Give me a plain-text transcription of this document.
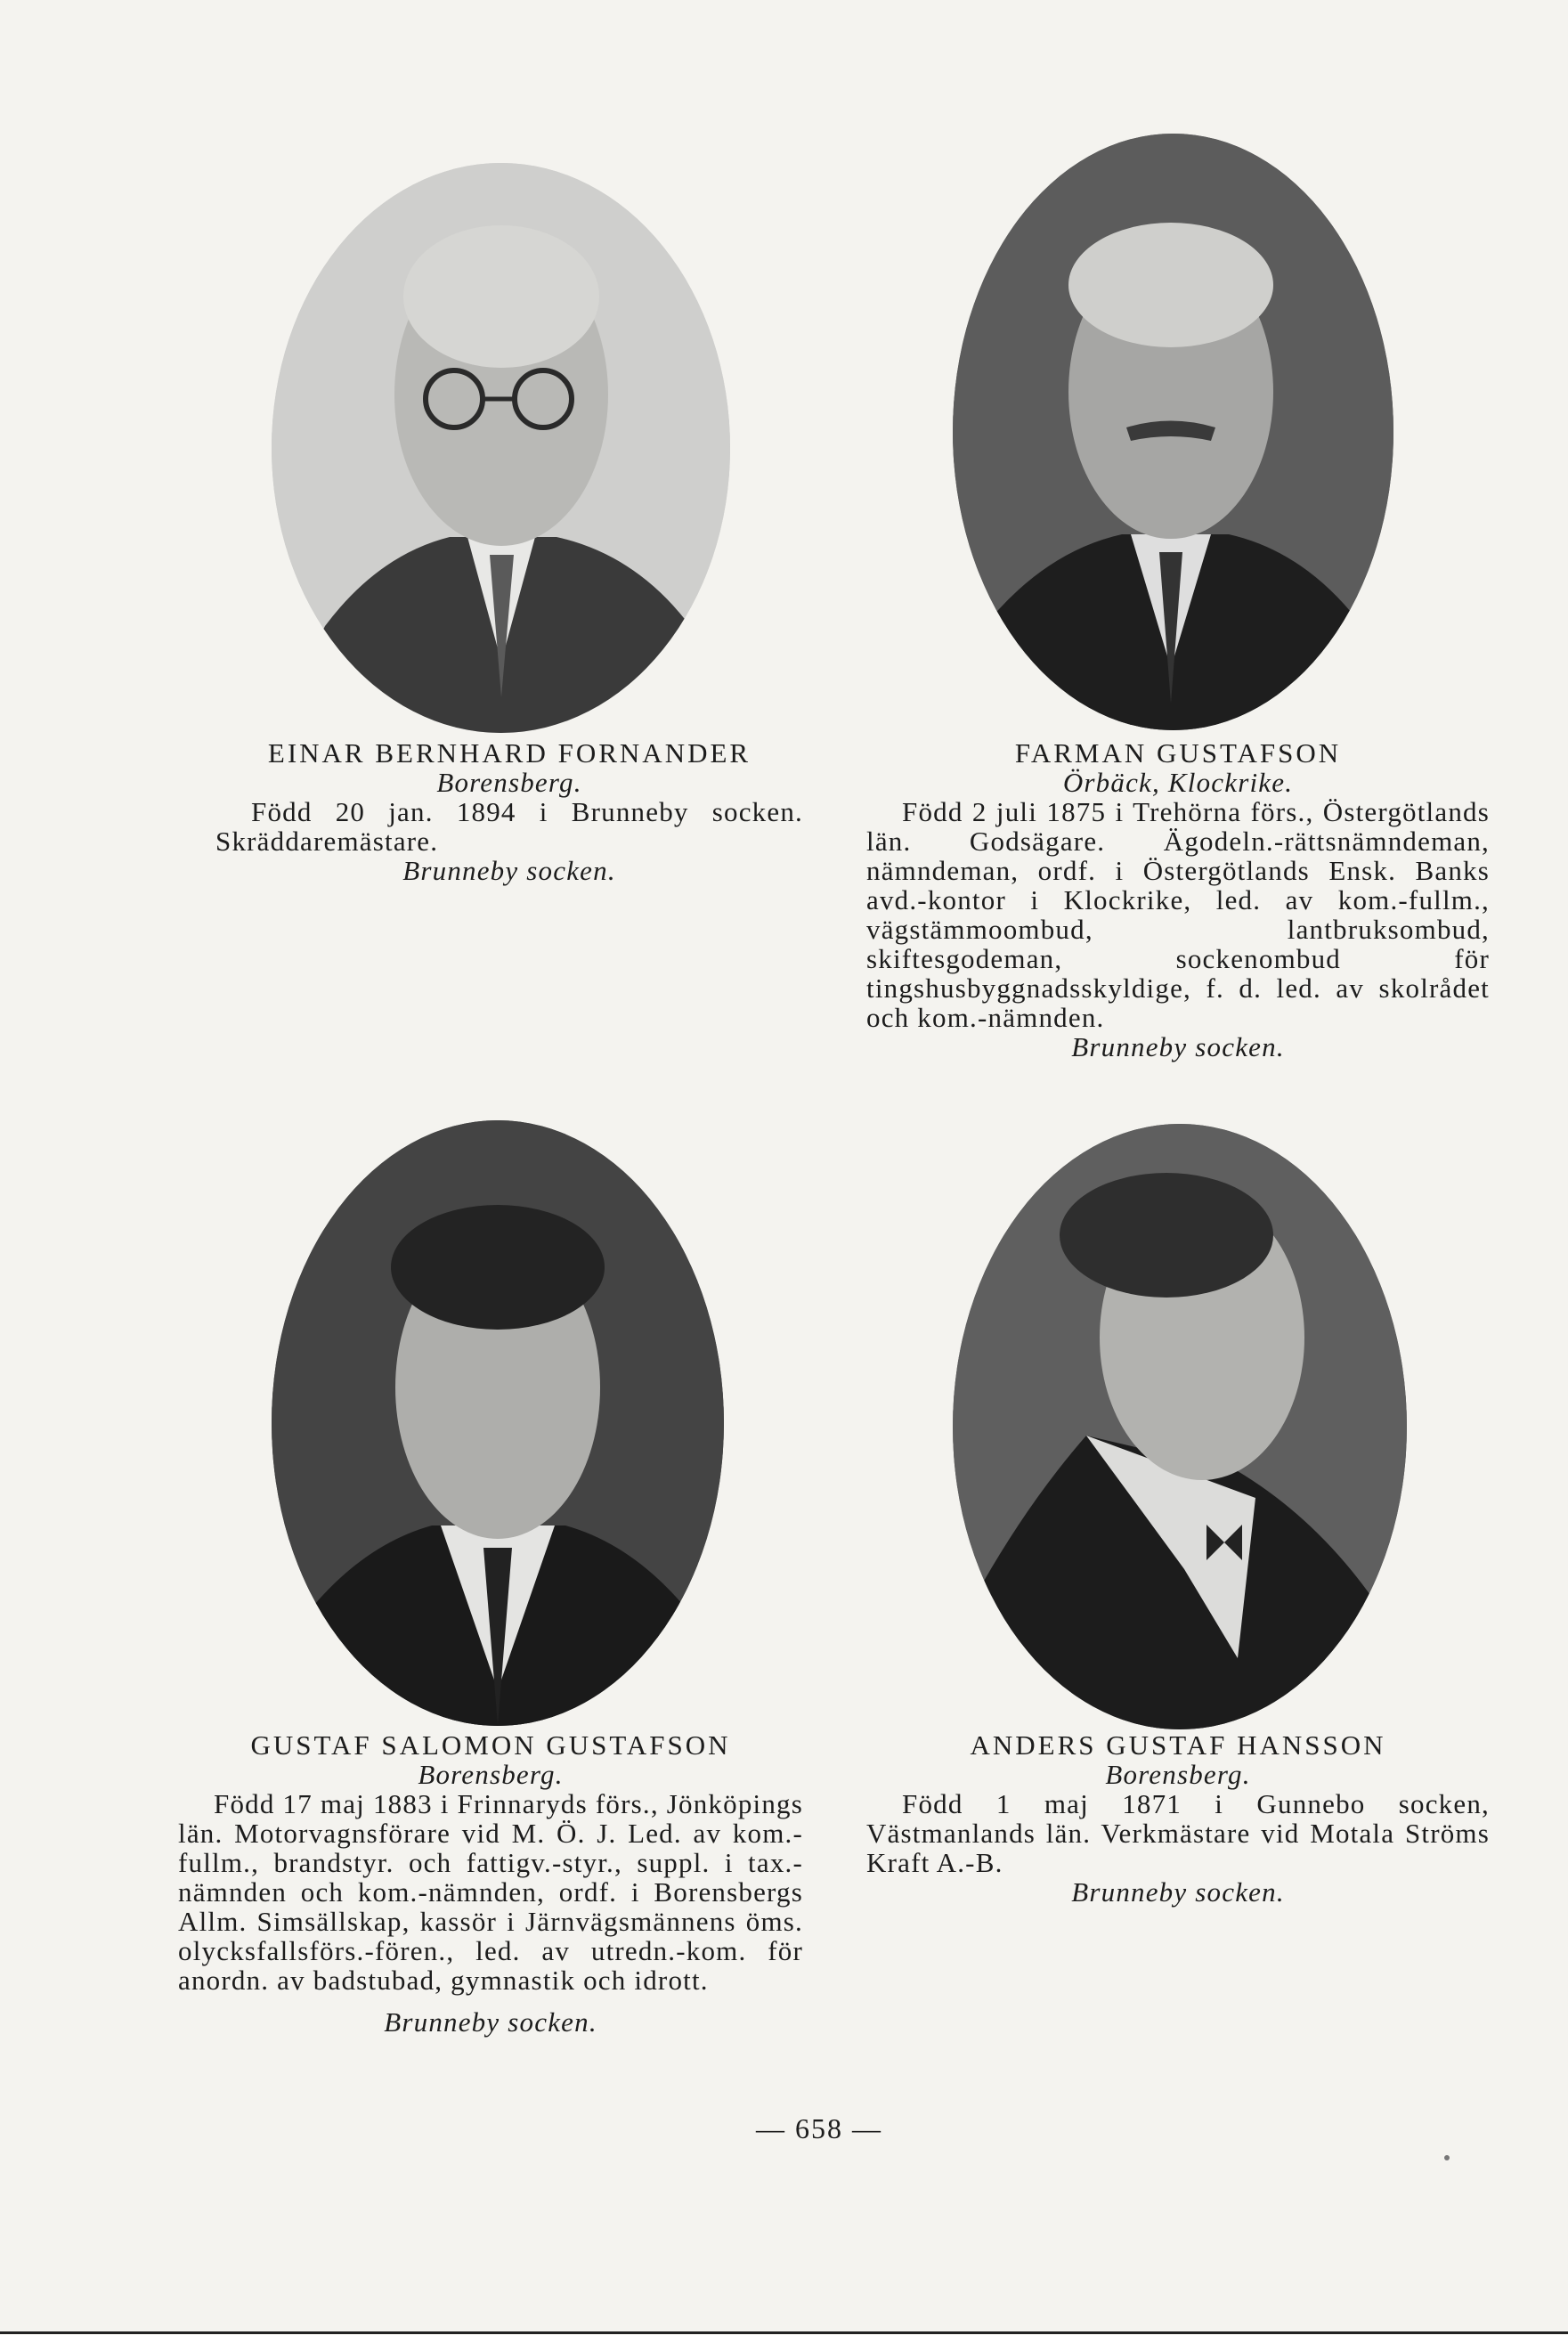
EINAR BERNHARD FORNANDER
Borensberg.
Född 20 jan. 1894 i Brunneby socken. Skräddaremästare.
Brunneby socken.
FARMAN GUSTAFSON
Örbäck, Klockrike.
Född 2 juli 1875 i Trehörna förs., Östergötlands län. Godsägare. Ägodeln.-rättsnämndeman, nämndeman, ordf. i Östergötlands Ensk. Banks avd.-kontor i Klockrike, led. av kom.-fullm., vägstämmoombud, lantbruksombud, skiftesgodeman, sockenombud för tingshusbyggnadsskyldige, f. d. led. av skolrådet och kom.-nämnden.
Brunneby socken.
GUSTAF SALOMON GUSTAFSON
Borensberg.
Född 17 maj 1883 i Frinnaryds förs., Jönköpings län. Motorvagnsförare vid M. Ö. J. Led. av kom.-fullm., brandstyr. och fattigv.-styr., suppl. i tax.-nämnden och kom.-nämnden, ordf. i Borensbergs Allm. Simsällskap, kassör i Järnvägsmännens öms. olycksfallsförs.-fören., led. av utredn.-kom. för anordn. av badstubad, gymnastik och idrott.
Brunneby socken.
ANDERS GUSTAF HANSSON
Borensberg.
Född 1 maj 1871 i Gunnebo socken, Västmanlands län. Verkmästare vid Motala Ströms Kraft A.-B.
Brunneby socken.
— 658 —
